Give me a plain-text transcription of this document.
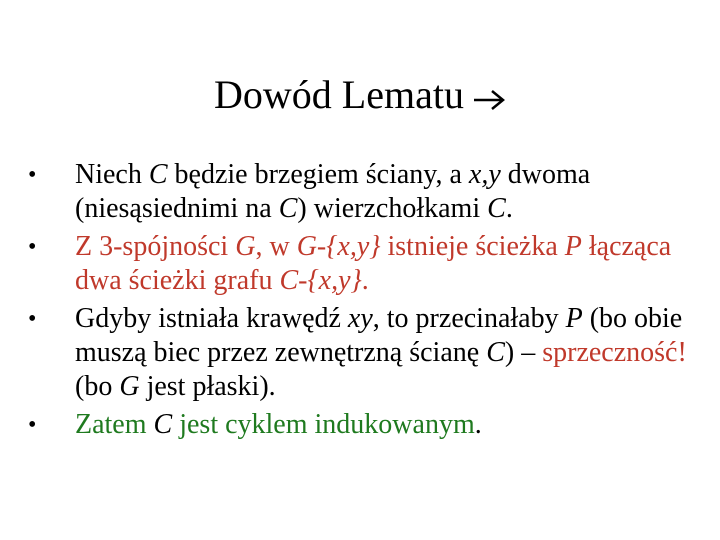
Dowód Lematu
• Niech C będzie brzegiem ściany, a x,y dwoma (niesąsiednimi na C) wierzchołkami C.
• Z 3-spójności G, w G-{x,y} istnieje ścieżka P łącząca dwa ścieżki grafu C-{x,y}.
• Gdyby istniała krawędź xy, to przecinałaby P (bo obie muszą biec przez zewnętrzną ścianę C) – sprzeczność! (bo G jest płaski).
• Zatem C jest cyklem indukowanym.
